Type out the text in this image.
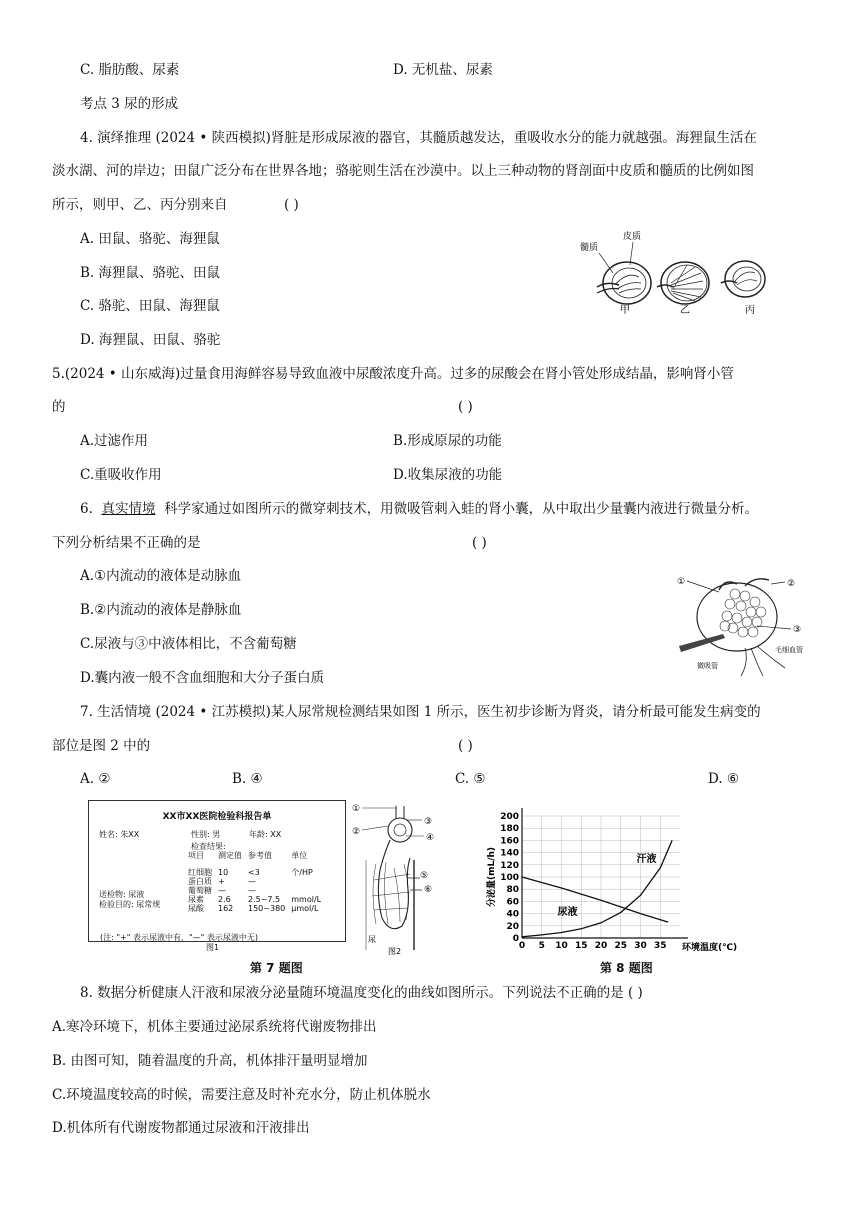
C. 脂肪酸、尿素	D. 无机盐、尿素
考点 3 尿的形成
4. 演绎推理 (2024 • 陕西模拟)肾脏是形成尿液的器官，其髓质越发达，重吸收水分的能力就越强。海狸鼠生活在
淡水湖、河的岸边；田鼠广泛分布在世界各地；骆驼则生活在沙漠中。以上三种动物的肾剖面中皮质和髓质的比例如图
所示，则甲、乙、丙分别来自	( )
A. 田鼠、骆驼、海狸鼠
B. 海狸鼠、骆驼、田鼠
C. 骆驼、田鼠、海狸鼠
D. 海狸鼠、田鼠、骆驼
髓质
皮质
甲	乙	丙
5.(2024 • 山东威海)过量食用海鲜容易导致血液中尿酸浓度升高。过多的尿酸会在肾小管处形成结晶，影响肾小管
的	( )
A.过滤作用	B.形成原尿的功能
C.重吸收作用	D.收集尿液的功能
6. 真实情境 科学家通过如图所示的微穿刺技术，用微吸管刺入蛙的肾小囊，从中取出少量囊内液进行微量分析。
下列分析结果不正确的是	( )
A.①内流动的液体是动脉血
B.②内流动的液体是静脉血
C.尿液与③中液体相比，不含葡萄糖
D.囊内液一般不含血细胞和大分子蛋白质
①	②
③
微吸管
毛细血管
7. 生活情境 (2024 • 江苏模拟)某人尿常规检测结果如图 1 所示，医生初步诊断为肾炎，请分析最可能发生病变的
部位是图 2 中的	( )
A. ②	B. ④	C. ⑤	D. ⑥
XX市XX医院检验科报告单
姓名: 朱XX	性别: 男	年龄: XX
检查结果:
送检物: 尿液
检验目的: 尿常规
项目	测定值	参考值	单位

红细胞	10	<3	个/HP
蛋白质	+	—	
葡萄糖	—	—	
尿素	2.6	2.5~7.5	mmol/L
尿酸	162	150~380	μmol/L
(注: "+" 表示尿液中有，"—" 表示尿液中无)
图1
①
②
③
④
⑤
⑥
尿
图2
第 7 题图
0
20
40
60
80
100
120
140
160
180
200
0 5 10 15 20 25 30 35 环境温度(℃)
分泌量(mL/h)	汗液
尿液
第 8 题图
8. 数据分析健康人汗液和尿液分泌量随环境温度变化的曲线如图所示。下列说法不正确的是 ( )
A.寒冷环境下，机体主要通过泌尿系统将代谢废物排出
B. 由图可知，随着温度的升高，机体排汗量明显增加
C.环境温度较高的时候，需要注意及时补充水分，防止机体脱水
D.机体所有代谢废物都通过尿液和汗液排出
